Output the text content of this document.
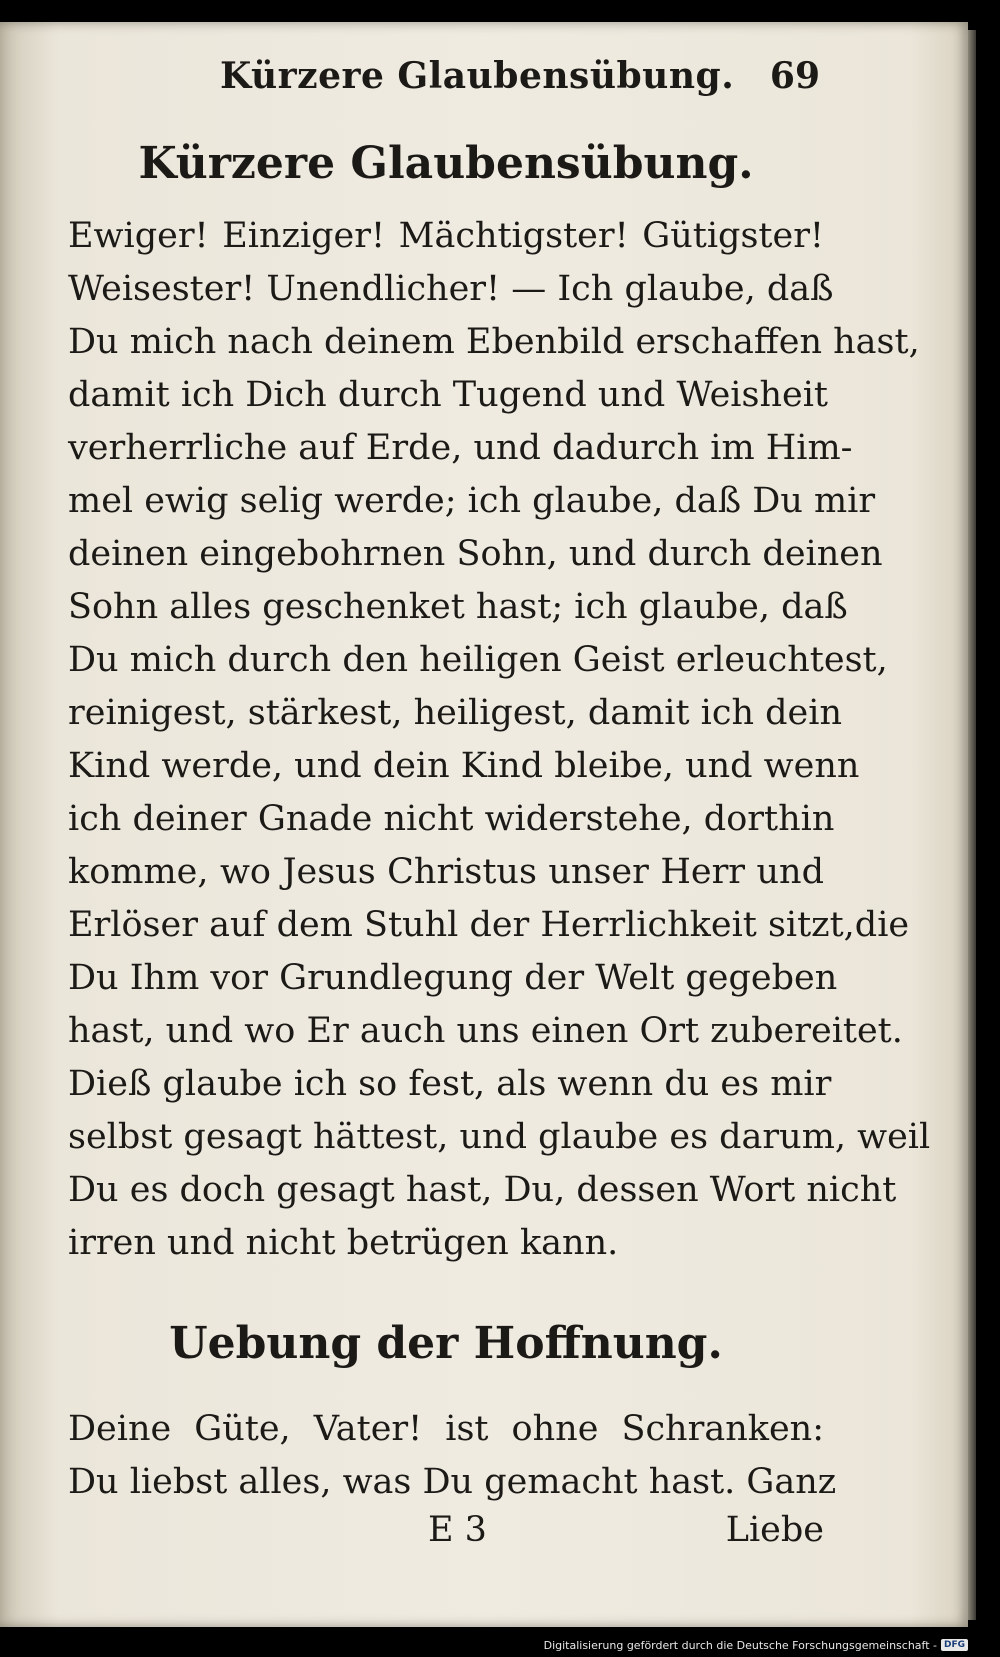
Kürzere Glaubensübung. 69
Kürzere Glaubensübung.

Ewiger! Einziger! Mächtigster! Gütigster!
Weisester! Unendlicher! — Ich glaube, daß
Du mich nach deinem Ebenbild erschaffen hast,
damit ich Dich durch Tugend und Weisheit
verherrliche auf Erde, und dadurch im Him-
mel ewig selig werde; ich glaube, daß Du mir
deinen eingebohrnen Sohn, und durch deinen
Sohn alles geschenket hast; ich glaube, daß
Du mich durch den heiligen Geist erleuchtest,
reinigest, stärkest, heiligest, damit ich dein
Kind werde, und dein Kind bleibe, und wenn
ich deiner Gnade nicht widerstehe, dorthin
komme, wo Jesus Christus unser Herr und
Erlöser auf dem Stuhl der Herrlichkeit sitzt,die
Du Ihm vor Grundlegung der Welt gegeben
hast, und wo Er auch uns einen Ort zubereitet.
Dieß glaube ich so fest, als wenn du es mir
selbst gesagt hättest, und glaube es darum, weil
Du es doch gesagt hast, Du, dessen Wort nicht
irren und nicht betrügen kann.

Uebung der Hoffnung.

Deine Güte, Vater! ist ohne Schranken:
Du liebst alles, was Du gemacht hast. Ganz

E 3	Liebe
Digitalisierung gefördert durch die Deutsche Forschungsgemeinschaft - DFG
